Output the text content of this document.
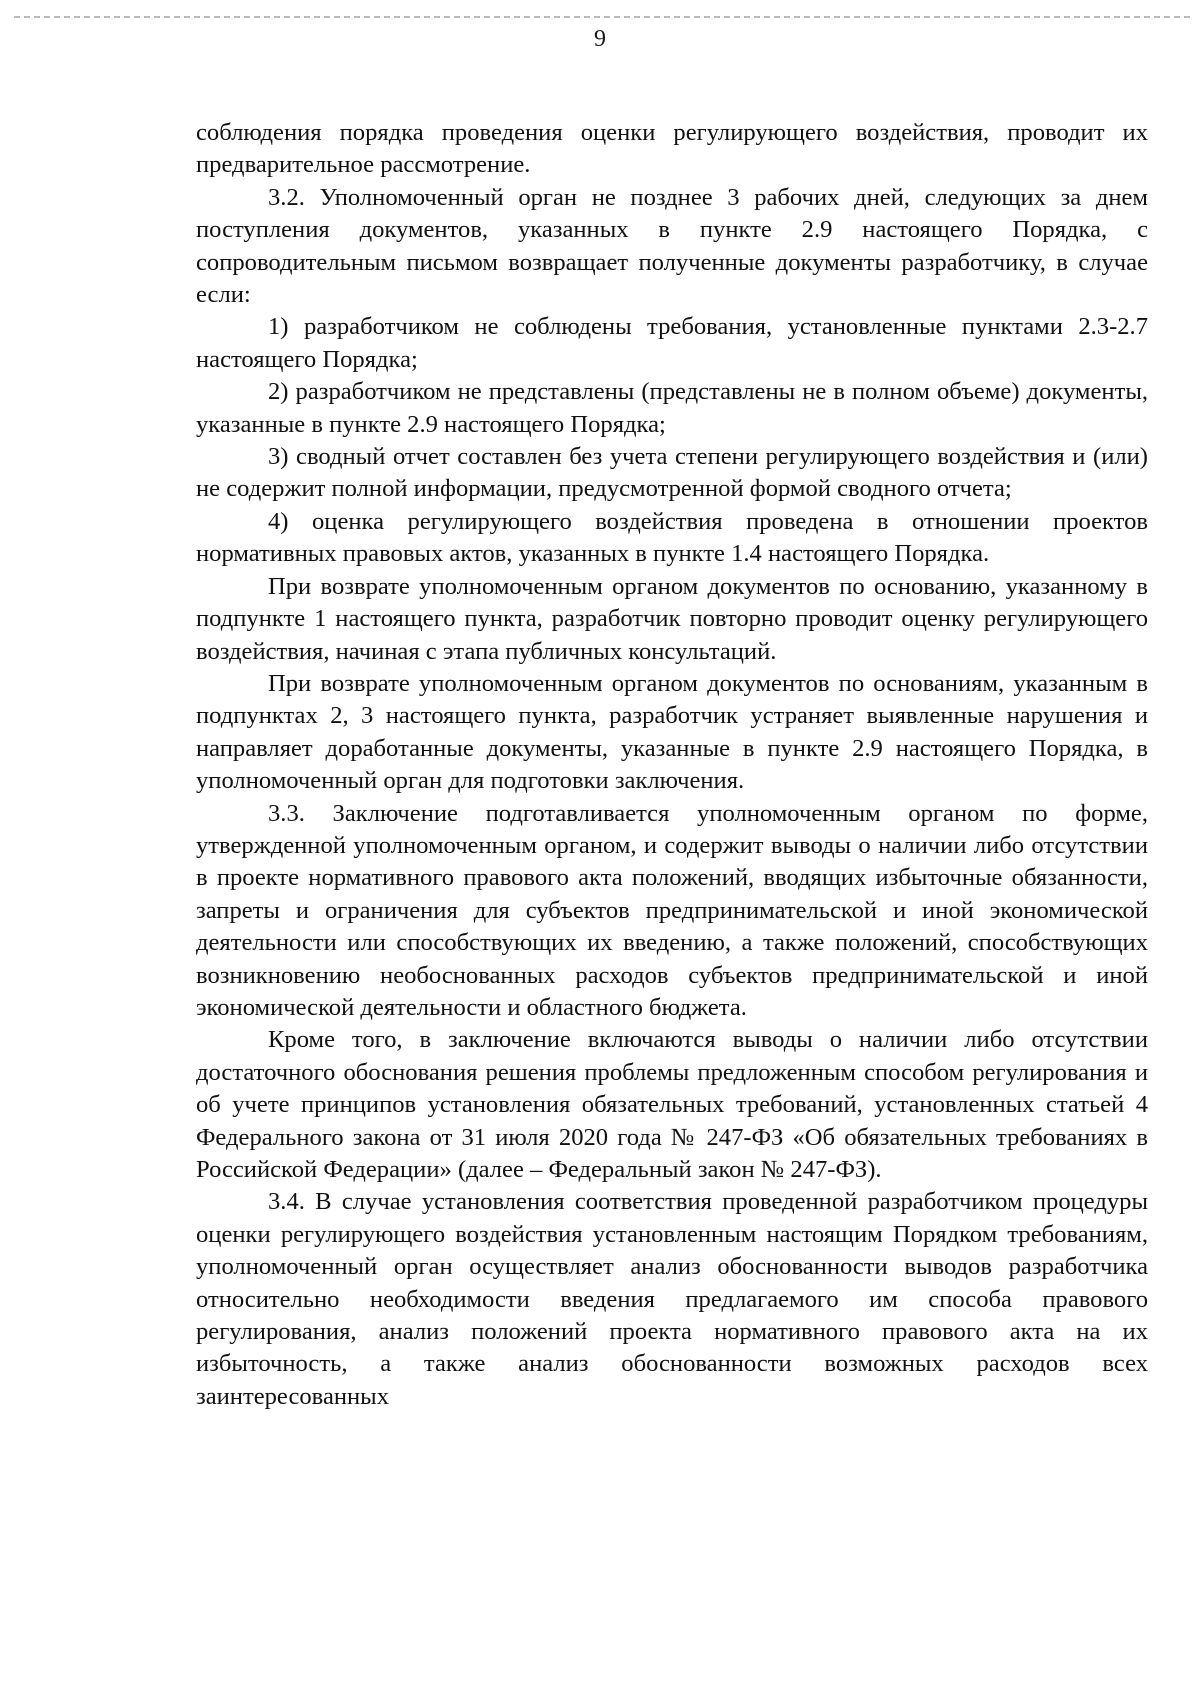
9

соблюдения порядка проведения оценки регулирующего воздействия, проводит их предварительное рассмотрение.

3.2. Уполномоченный орган не позднее 3 рабочих дней, следующих за днем поступления документов, указанных в пункте 2.9 настоящего Порядка, с сопроводительным письмом возвращает полученные документы разработчику, в случае если:

1) разработчиком не соблюдены требования, установленные пунктами 2.3-2.7 настоящего Порядка;

2) разработчиком не представлены (представлены не в полном объеме) документы, указанные в пункте 2.9 настоящего Порядка;

3) сводный отчет составлен без учета степени регулирующего воздействия и (или) не содержит полной информации, предусмотренной формой сводного отчета;

4) оценка регулирующего воздействия проведена в отношении проектов нормативных правовых актов, указанных в пункте 1.4 настоящего Порядка.

При возврате уполномоченным органом документов по основанию, указанному в подпункте 1 настоящего пункта, разработчик повторно проводит оценку регулирующего воздействия, начиная с этапа публичных консультаций.

При возврате уполномоченным органом документов по основаниям, указанным в подпунктах 2, 3 настоящего пункта, разработчик устраняет выявленные нарушения и направляет доработанные документы, указанные в пункте 2.9 настоящего Порядка, в уполномоченный орган для подготовки заключения.

3.3. Заключение подготавливается уполномоченным органом по форме, утвержденной уполномоченным органом, и содержит выводы о наличии либо отсутствии в проекте нормативного правового акта положений, вводящих избыточные обязанности, запреты и ограничения для субъектов предпринимательской и иной экономической деятельности или способствующих их введению, а также положений, способствующих возникновению необоснованных расходов субъектов предпринимательской и иной экономической деятельности и областного бюджета.

Кроме того, в заключение включаются выводы о наличии либо отсутствии достаточного обоснования решения проблемы предложенным способом регулирования и об учете принципов установления обязательных требований, установленных статьей 4 Федерального закона от 31 июля 2020 года № 247-ФЗ «Об обязательных требованиях в Российской Федерации» (далее – Федеральный закон № 247-ФЗ).

3.4. В случае установления соответствия проведенной разработчиком процедуры оценки регулирующего воздействия установленным настоящим Порядком требованиям, уполномоченный орган осуществляет анализ обоснованности выводов разработчика относительно необходимости введения предлагаемого им способа правового регулирования, анализ положений проекта нормативного правового акта на их избыточность, а также анализ обоснованности возможных расходов всех заинтересованных
